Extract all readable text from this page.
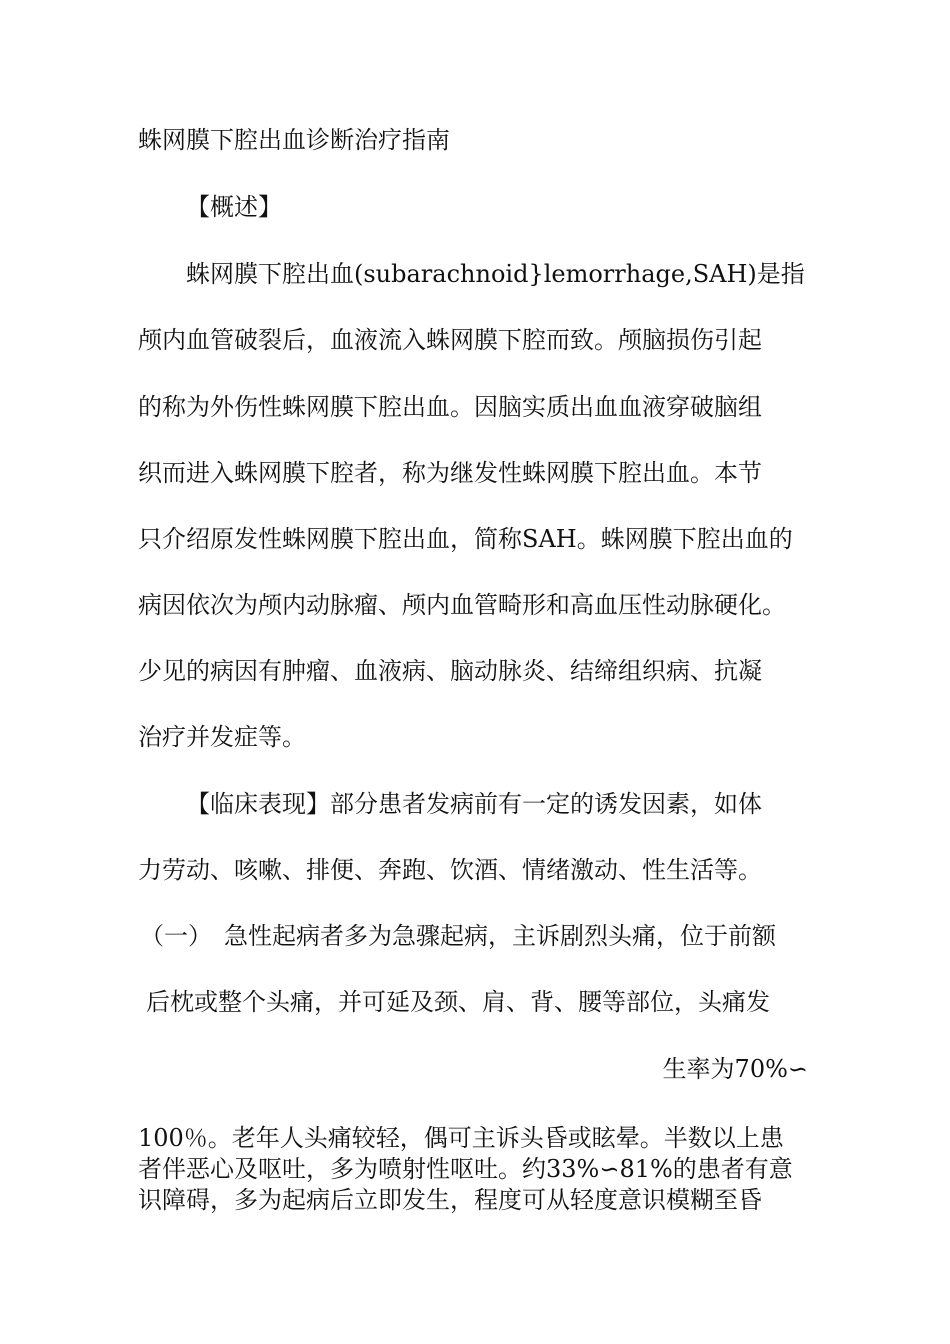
蛛网膜下腔出血诊断治疗指南
【概述】
蛛网膜下腔出血(subarachnoid}lemorrhage,SAH)是指
颅内血管破裂后，血液流入蛛网膜下腔而致。颅脑损伤引起
的称为外伤性蛛网膜下腔出血。因脑实质出血血液穿破脑组
织而进入蛛网膜下腔者，称为继发性蛛网膜下腔出血。本节
只介绍原发性蛛网膜下腔出血，简称SAH。蛛网膜下腔出血的
病因依次为颅内动脉瘤、颅内血管畸形和高血压性动脉硬化。
少见的病因有肿瘤、血液病、脑动脉炎、结缔组织病、抗凝
治疗并发症等。
【临床表现】部分患者发病前有一定的诱发因素，如体
力劳动、咳嗽、排便、奔跑、饮酒、情绪激动、性生活等。
（一）　急性起病者多为急骤起病，主诉剧烈头痛，位于前额
后枕或整个头痛，并可延及颈、肩、背、腰等部位，头痛发
生率为70%∽
100％。老年人头痛较轻，偶可主诉头昏或眩晕。半数以上患
者伴恶心及呕吐，多为喷射性呕吐。约33%∽81%的患者有意
识障碍，多为起病后立即发生，程度可从轻度意识模糊至昏
